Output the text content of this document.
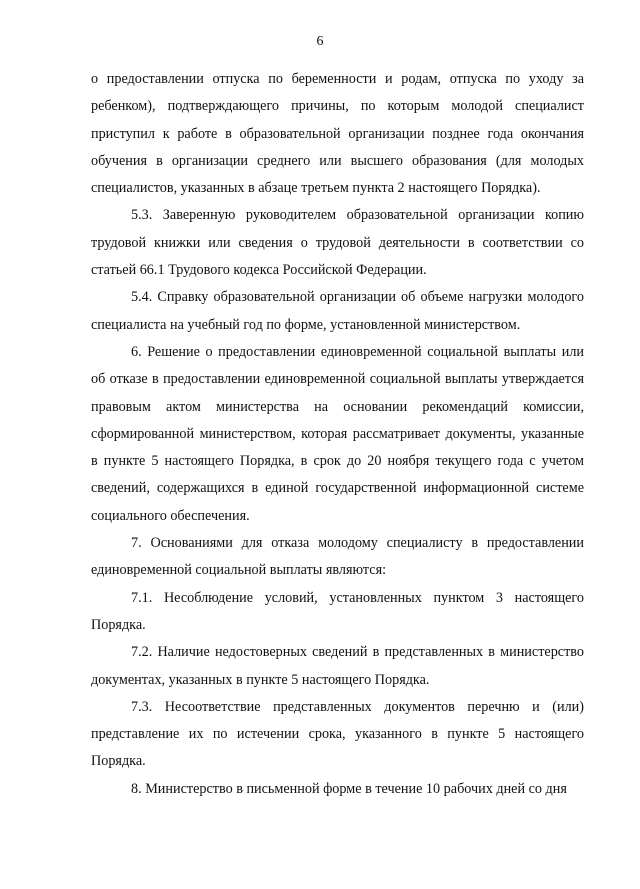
6

о предоставлении отпуска по беременности и родам, отпуска по уходу за ребенком), подтверждающего причины, по которым молодой специалист приступил к работе в образовательной организации позднее года окончания обучения в организации среднего или высшего образования (для молодых специалистов, указанных в абзаце третьем пункта 2 настоящего Порядка).

5.3. Заверенную руководителем образовательной организации копию трудовой книжки или сведения о трудовой деятельности в соответствии со статьей 66.1 Трудового кодекса Российской Федерации.

5.4. Справку образовательной организации об объеме нагрузки молодого специалиста на учебный год по форме, установленной министерством.

6. Решение о предоставлении единовременной социальной выплаты или об отказе в предоставлении единовременной социальной выплаты утверждается правовым актом министерства на основании рекомендаций комиссии, сформированной министерством, которая рассматривает документы, указанные в пункте 5 настоящего Порядка, в срок до 20 ноября текущего года с учетом сведений, содержащихся в единой государственной информационной системе социального обеспечения.

7. Основаниями для отказа молодому специалисту в предоставлении единовременной социальной выплаты являются:

7.1. Несоблюдение условий, установленных пунктом 3 настоящего Порядка.

7.2. Наличие недостоверных сведений в представленных в министерство документах, указанных в пункте 5 настоящего Порядка.

7.3. Несоответствие представленных документов перечню и (или) представление их по истечении срока, указанного в пункте 5 настоящего Порядка.

8. Министерство в письменной форме в течение 10 рабочих дней со дня
